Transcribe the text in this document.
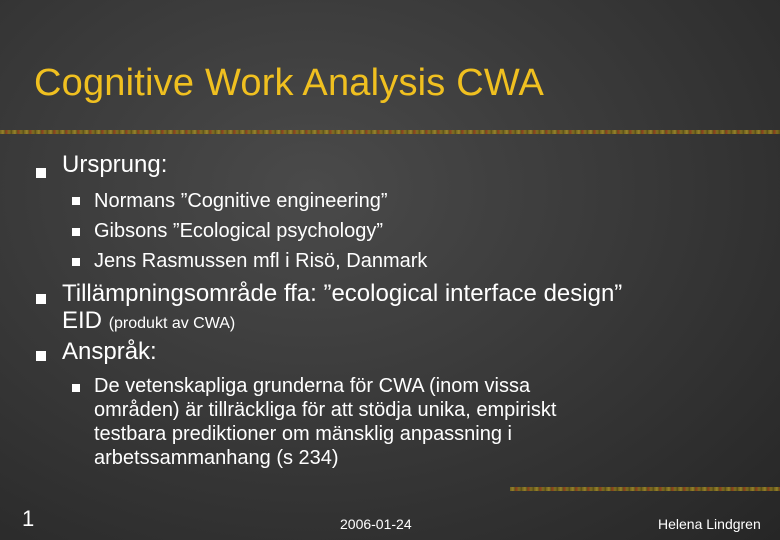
Cognitive Work Analysis CWA
Ursprung:
Normans ”Cognitive engineering”
Gibsons ”Ecological psychology”
Jens Rasmussen mfl i Risö, Danmark
Tillämpningsområde ffa: ”ecological interface design”
EID (produkt av CWA)
Anspråk:
De vetenskapliga grunderna för CWA (inom vissa
områden) är tillräckliga för att stödja unika, empiriskt
testbara prediktioner om mänsklig anpassning i
arbetssammanhang (s 234)
1	2006-01-24	Helena Lindgren
